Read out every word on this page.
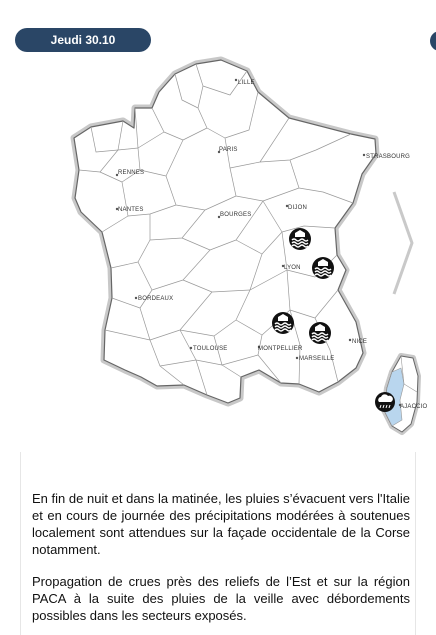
Jeudi 30.10
LILLE
PARIS
STRASBOURG
RENNES
NANTES	DIJON
BOURGES
LYON
BORDEAUX
TOULOUSE	MONTPELLIER
MARSEILLE
NICE
AJACCIO

En fin de nuit et dans la matinée, les pluies s’évacuent vers l'Italie et en cours de journée des précipitations modérées à soutenues localement sont attendues sur la façade occidentale de la Corse notamment.

Propagation de crues près des reliefs de l’Est et sur la région PACA à la suite des pluies de la veille avec débordements possibles dans les secteurs exposés.
